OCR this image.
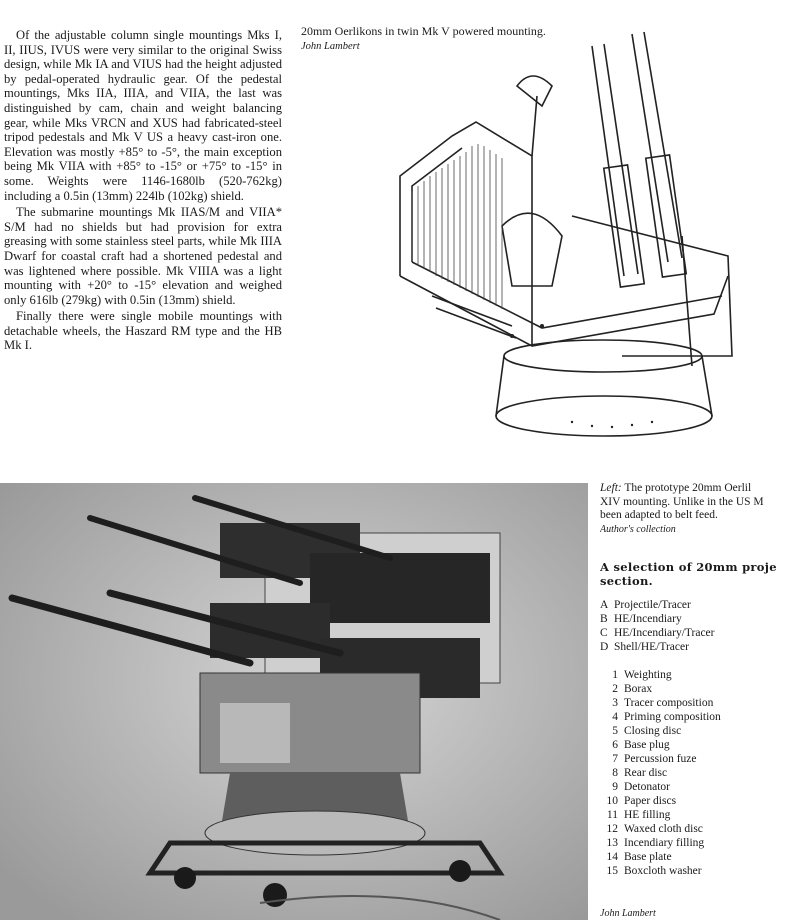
Of the adjustable column single mountings Mks I, II, IIUS, IVUS were very similar to the original Swiss design, while Mk IA and VIUS had the height adjusted by pedal-operated hydraulic gear. Of the pedestal mountings, Mks IIA, IIIA, and VIIA, the last was distinguished by cam, chain and weight balancing gear, while Mks VRCN and XUS had fabricated-steel tripod pedestals and Mk V US a heavy cast-iron one. Elevation was mostly +85° to -5°, the main exception being Mk VIIA with +85° to -15° or +75° to -15° in some. Weights were 1146-1680lb (520-762kg) including a 0.5in (13mm) 224lb (102kg) shield.

The submarine mountings Mk IIAS/M and VIIA* S/M had no shields but had provision for extra greasing with some stainless steel parts, while Mk IIIA Dwarf for coastal craft had a shortened pedestal and was lightened where possible. Mk VIIIA was a light mounting with +20° to -15° elevation and weighed only 616lb (279kg) with 0.5in (13mm) shield.

Finally there were single mobile mountings with detachable wheels, the Haszard RM type and the HB Mk I.

20mm Oerlikons in twin Mk V powered mounting.
John Lambert
Left: The prototype 20mm Oerlil
XIV mounting. Unlike in the US M
been adapted to belt feed.
Author's collection
A selection of 20mm proje
section.
A Projectile/Tracer
B HE/Incendiary
C HE/Incendiary/Tracer
D Shell/HE/Tracer
1 Weighting
2 Borax
3 Tracer composition
4 Priming composition
5 Closing disc
6 Base plug
7 Percussion fuze
8 Rear disc
9 Detonator
10 Paper discs
11 HE filling
12 Waxed cloth disc
13 Incendiary filling
14 Base plate
15 Boxcloth washer
John Lambert
